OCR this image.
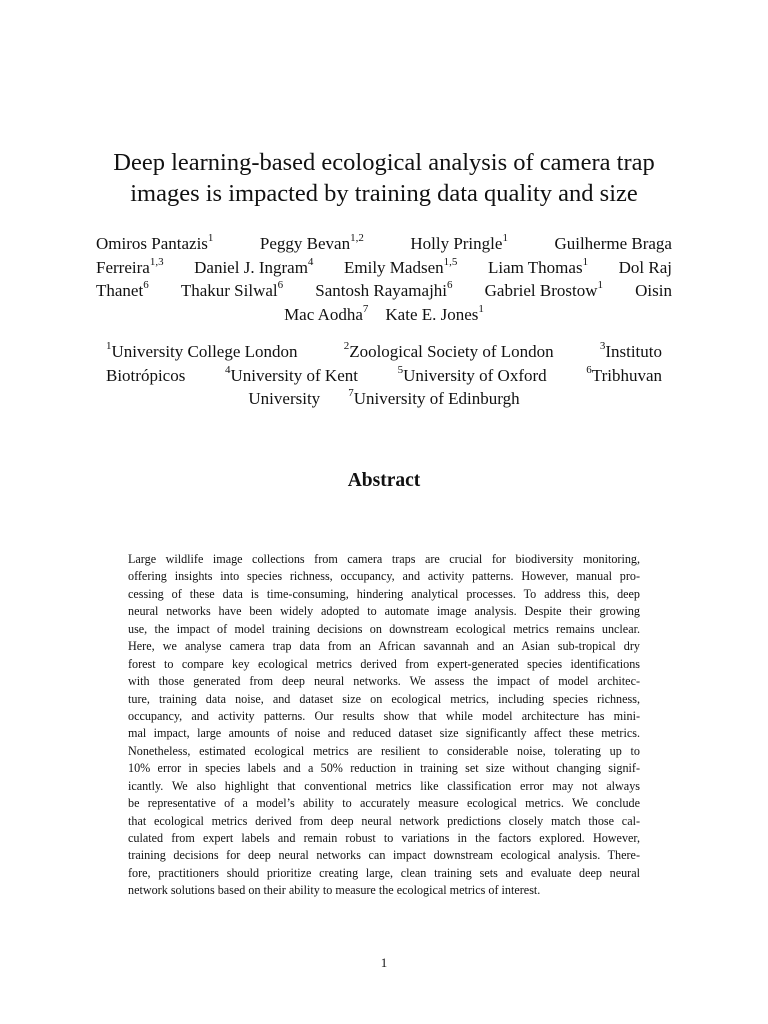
Deep learning-based ecological analysis of camera trap
images is impacted by training data quality and size
Omiros Pantazis$^1$	Peggy Bevan$^{1,2}$	Holly Pringle$^1$	Guilherme Braga
Ferreira$^{1,3}$ Daniel J. Ingram$^4$ Emily Madsen$^{1,5}$ Liam Thomas$^1$ Dol Raj
Thanet$^6$ Thakur Silwal$^6$ Santosh Rayamajhi$^6$ Gabriel Brostow$^1$ Oisin
Mac Aodha$^7$ Kate E. Jones$^1$
$^1$University College London	$^2$Zoological Society of London	$^3$Instituto
Biotrópicos	$^4$University of Kent	$^5$University of Oxford	$^6$Tribhuvan
University	$^7$University of Edinburgh
Abstract
Large wildlife image collections from camera traps are crucial for biodiversity monitoring,
offering insights into species richness, occupancy, and activity patterns. However, manual pro-
cessing of these data is time-consuming, hindering analytical processes. To address this, deep
neural networks have been widely adopted to automate image analysis. Despite their growing
use, the impact of model training decisions on downstream ecological metrics remains unclear.
Here, we analyse camera trap data from an African savannah and an Asian sub-tropical dry
forest to compare key ecological metrics derived from expert-generated species identifications
with those generated from deep neural networks. We assess the impact of model architec-
ture, training data noise, and dataset size on ecological metrics, including species richness,
occupancy, and activity patterns. Our results show that while model architecture has mini-
mal impact, large amounts of noise and reduced dataset size significantly affect these metrics.
Nonetheless, estimated ecological metrics are resilient to considerable noise, tolerating up to
10% error in species labels and a 50% reduction in training set size without changing signif-
icantly. We also highlight that conventional metrics like classification error may not always
be representative of a model’s ability to accurately measure ecological metrics. We conclude
that ecological metrics derived from deep neural network predictions closely match those cal-
culated from expert labels and remain robust to variations in the factors explored. However,
training decisions for deep neural networks can impact downstream ecological analysis. There-
fore, practitioners should prioritize creating large, clean training sets and evaluate deep neural
network solutions based on their ability to measure the ecological metrics of interest.
1
